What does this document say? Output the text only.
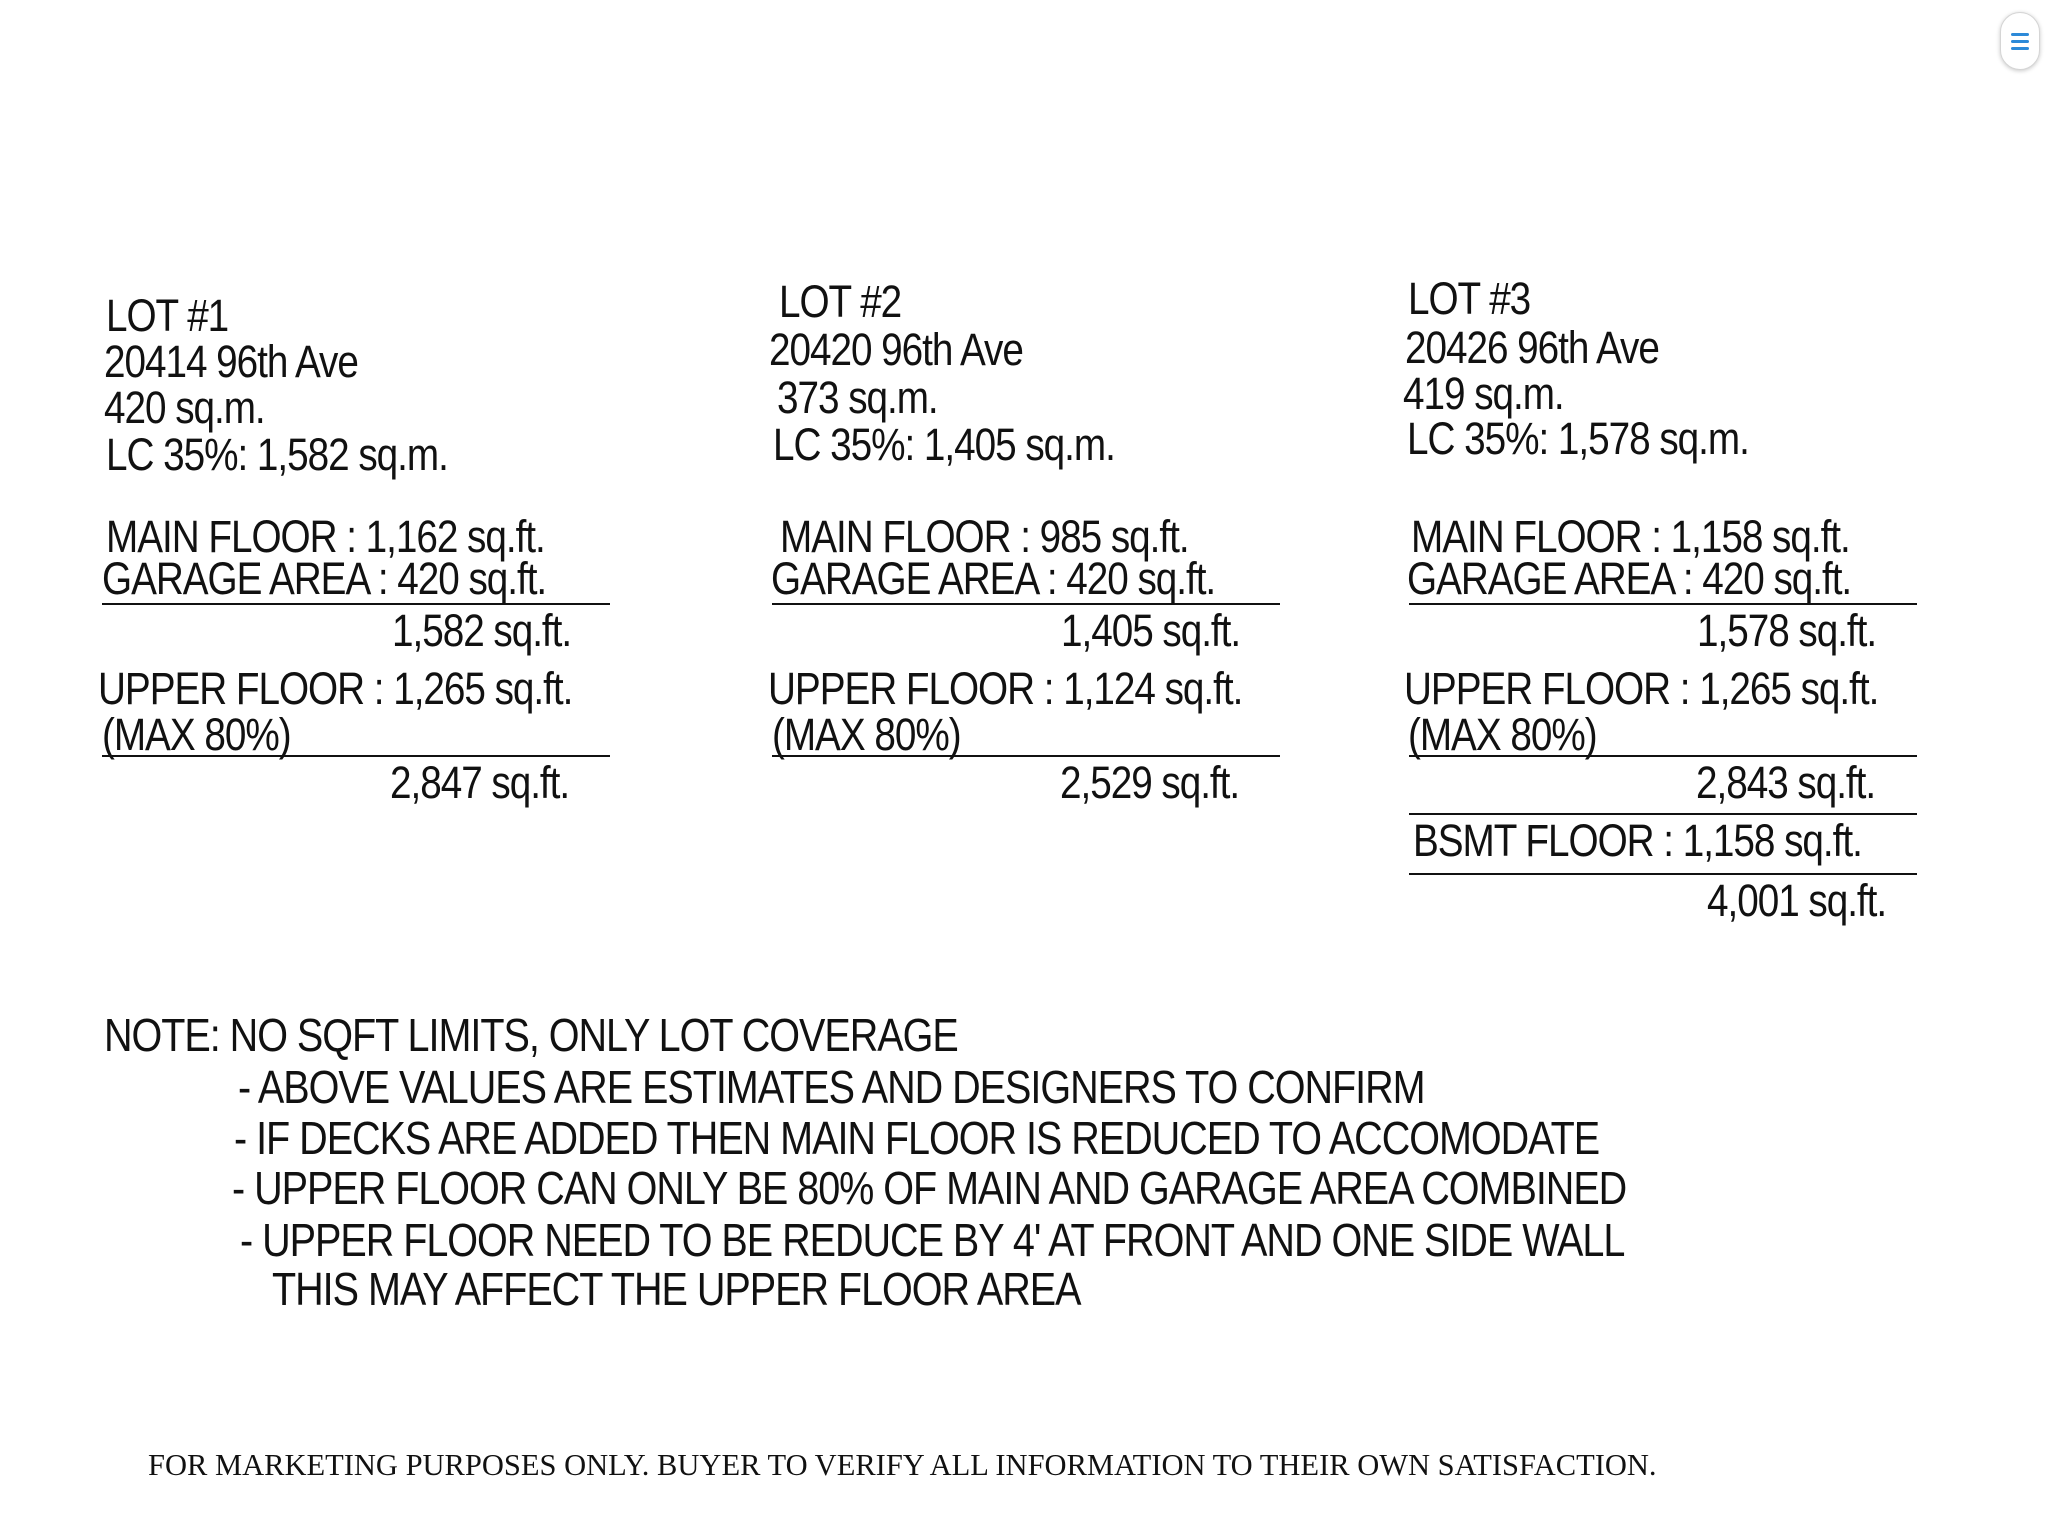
LOT #1
20414 96th Ave
420 sq.m.
LC 35%: 1,582 sq.m.
MAIN FLOOR : 1,162 sq.ft.
GARAGE AREA : 420 sq.ft.
1,582 sq.ft.
UPPER FLOOR : 1,265 sq.ft.
(MAX 80%)
2,847 sq.ft.
LOT #2
20420 96th Ave
373 sq.m.
LC 35%: 1,405 sq.m.
MAIN FLOOR : 985 sq.ft.
GARAGE AREA : 420 sq.ft.
1,405 sq.ft.
UPPER FLOOR : 1,124 sq.ft.
(MAX 80%)
2,529 sq.ft.
LOT #3
20426 96th Ave
419 sq.m.
LC 35%: 1,578 sq.m.
MAIN FLOOR : 1,158 sq.ft.
GARAGE AREA : 420 sq.ft.
1,578 sq.ft.
UPPER FLOOR : 1,265 sq.ft.
(MAX 80%)
2,843 sq.ft.
BSMT FLOOR : 1,158 sq.ft.
4,001 sq.ft.
NOTE: NO SQFT LIMITS, ONLY LOT COVERAGE
- ABOVE VALUES ARE ESTIMATES AND DESIGNERS TO CONFIRM
- IF DECKS ARE ADDED THEN MAIN FLOOR IS REDUCED TO ACCOMODATE
- UPPER FLOOR CAN ONLY BE 80% OF MAIN AND GARAGE AREA COMBINED
- UPPER FLOOR NEED TO BE REDUCE BY 4' AT FRONT AND ONE SIDE WALL
THIS MAY AFFECT THE UPPER FLOOR AREA
FOR MARKETING PURPOSES ONLY. BUYER TO VERIFY ALL INFORMATION TO THEIR OWN SATISFACTION.
